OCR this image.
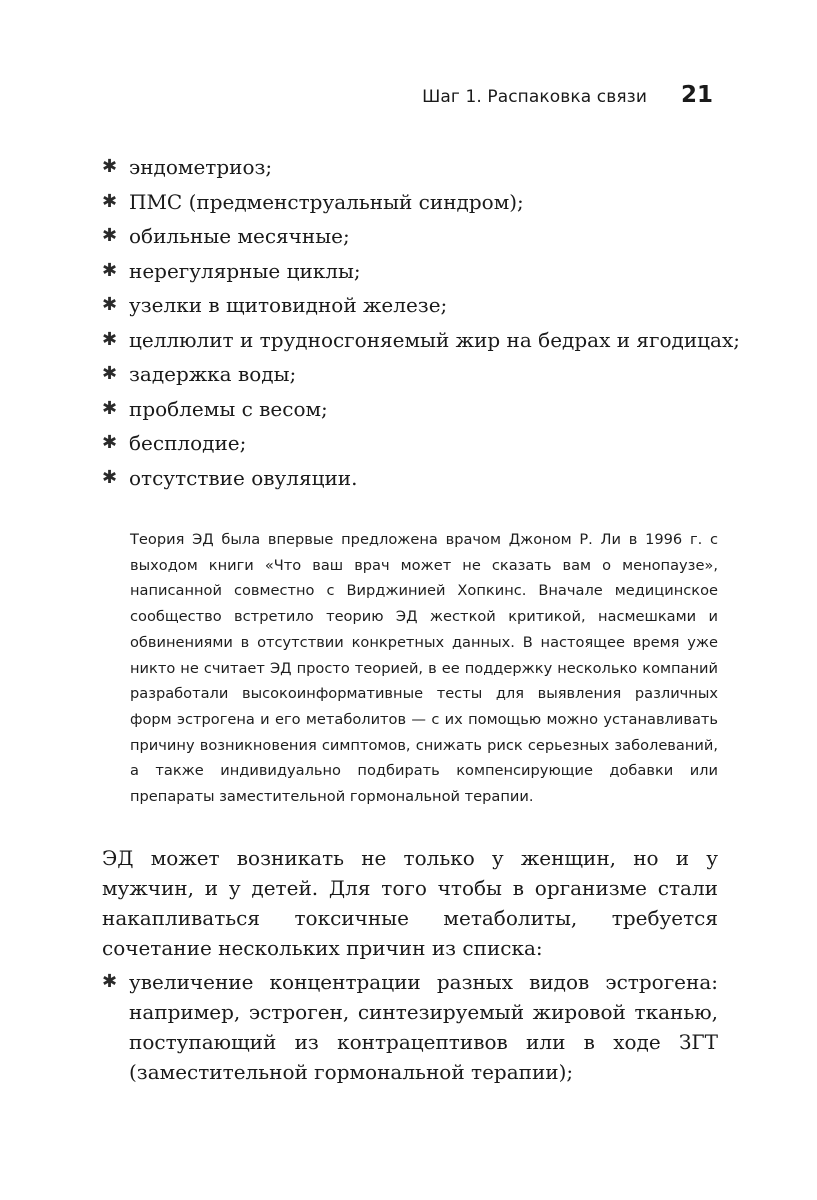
Шаг 1. Распаковка связи 21
✱ эндометриоз;
✱ ПМС (предменструальный синдром);
✱ обильные месячные;
✱ нерегулярные циклы;
✱ узелки в щитовидной железе;
✱ целлюлит и трудносгоняемый жир на бедрах и ягодицах;
✱ задержка воды;
✱ проблемы с весом;
✱ бесплодие;
✱ отсутствие овуляции.

Теория ЭД была впервые предложена врачом Джоном Р. Ли в 1996 г. с выходом книги «Что ваш врач может не сказать вам о менопаузе», написанной совместно с Вирджинией Хопкинс. Вначале медицинское сообщество встретило теорию ЭД жесткой критикой, насмешками и обвинениями в отсутствии конкретных данных. В настоящее время уже никто не считает ЭД просто теорией, в ее поддержку несколько компаний разработали высокоинформативные тесты для выявления различных форм эстрогена и его метаболитов — с их помощью можно устанавливать причину возникновения симптомов, снижать риск серьезных заболеваний, а также индивидуально подбирать компенсирующие добавки или препараты заместительной гормональной терапии.

ЭД может возникать не только у женщин, но и у мужчин, и у детей. Для того чтобы в организме стали накапливаться токсичные метаболиты, требуется сочетание нескольких причин из списка:

✱ увеличение концентрации разных видов эстрогена: например, эстроген, синтезируемый жировой тканью, поступающий из контрацептивов или в ходе ЗГТ (заместительной гормональной терапии);
